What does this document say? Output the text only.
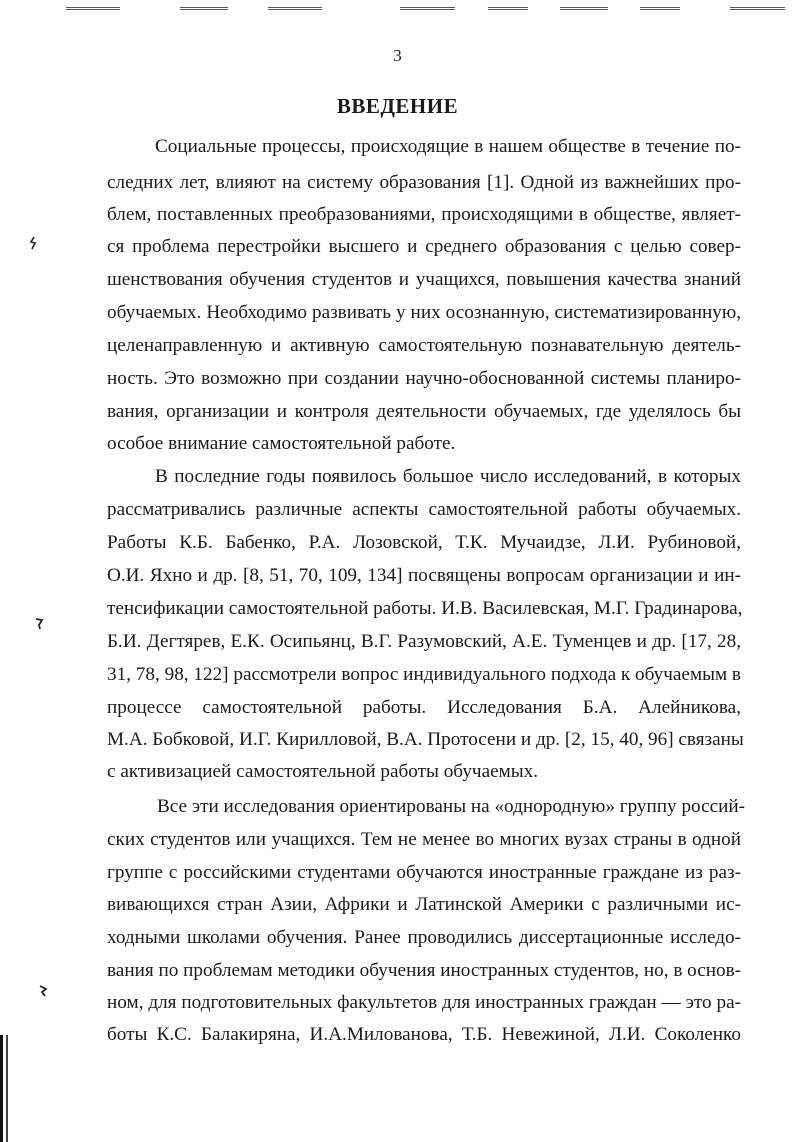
3
ВВЕДЕНИЕ
Социальные процессы, происходящие в нашем обществе в течение по-
следних лет, влияют на систему образования [1]. Одной из важнейших про-
блем, поставленных преобразованиями, происходящими в обществе, являет-
ся проблема перестройки высшего и среднего образования с целью совер-
шенствования обучения студентов и учащихся, повышения качества знаний
обучаемых. Необходимо развивать у них осознанную, систематизированную,
целенаправленную и активную самостоятельную познавательную деятель-
ность. Это возможно при создании научно-обоснованной системы планиро-
вания, организации и контроля деятельности обучаемых, где уделялось бы
особое внимание самостоятельной работе.
В последние годы появилось большое число исследований, в которых
рассматривались различные аспекты самостоятельной работы обучаемых.
Работы К.Б. Бабенко, Р.А. Лозовской, Т.К. Мучаидзе, Л.И. Рубиновой,
О.И. Яхно и др. [8, 51, 70, 109, 134] посвящены вопросам организации и ин-
тенсификации самостоятельной работы. И.В. Василевская, М.Г. Градинарова,
Б.И. Дегтярев, Е.К. Осипьянц, В.Г. Разумовский, А.Е. Туменцев и др. [17, 28,
31, 78, 98, 122] рассмотрели вопрос индивидуального подхода к обучаемым в
процессе самостоятельной работы. Исследования Б.А. Алейникова,
М.А. Бобковой, И.Г. Кирилловой, В.А. Протосени и др. [2, 15, 40, 96] связаны
с активизацией самостоятельной работы обучаемых.
Все эти исследования ориентированы на «однородную» группу россий-
ских студентов или учащихся. Тем не менее во многих вузах страны в одной
группе с российскими студентами обучаются иностранные граждане из раз-
вивающихся стран Азии, Африки и Латинской Америки с различными ис-
ходными школами обучения. Ранее проводились диссертационные исследо-
вания по проблемам методики обучения иностранных студентов, но, в основ-
ном, для подготовительных факультетов для иностранных граждан — это ра-
боты К.С. Балакиряна, И.А.Милованова, Т.Б. Невежиной, Л.И. Соколенко
